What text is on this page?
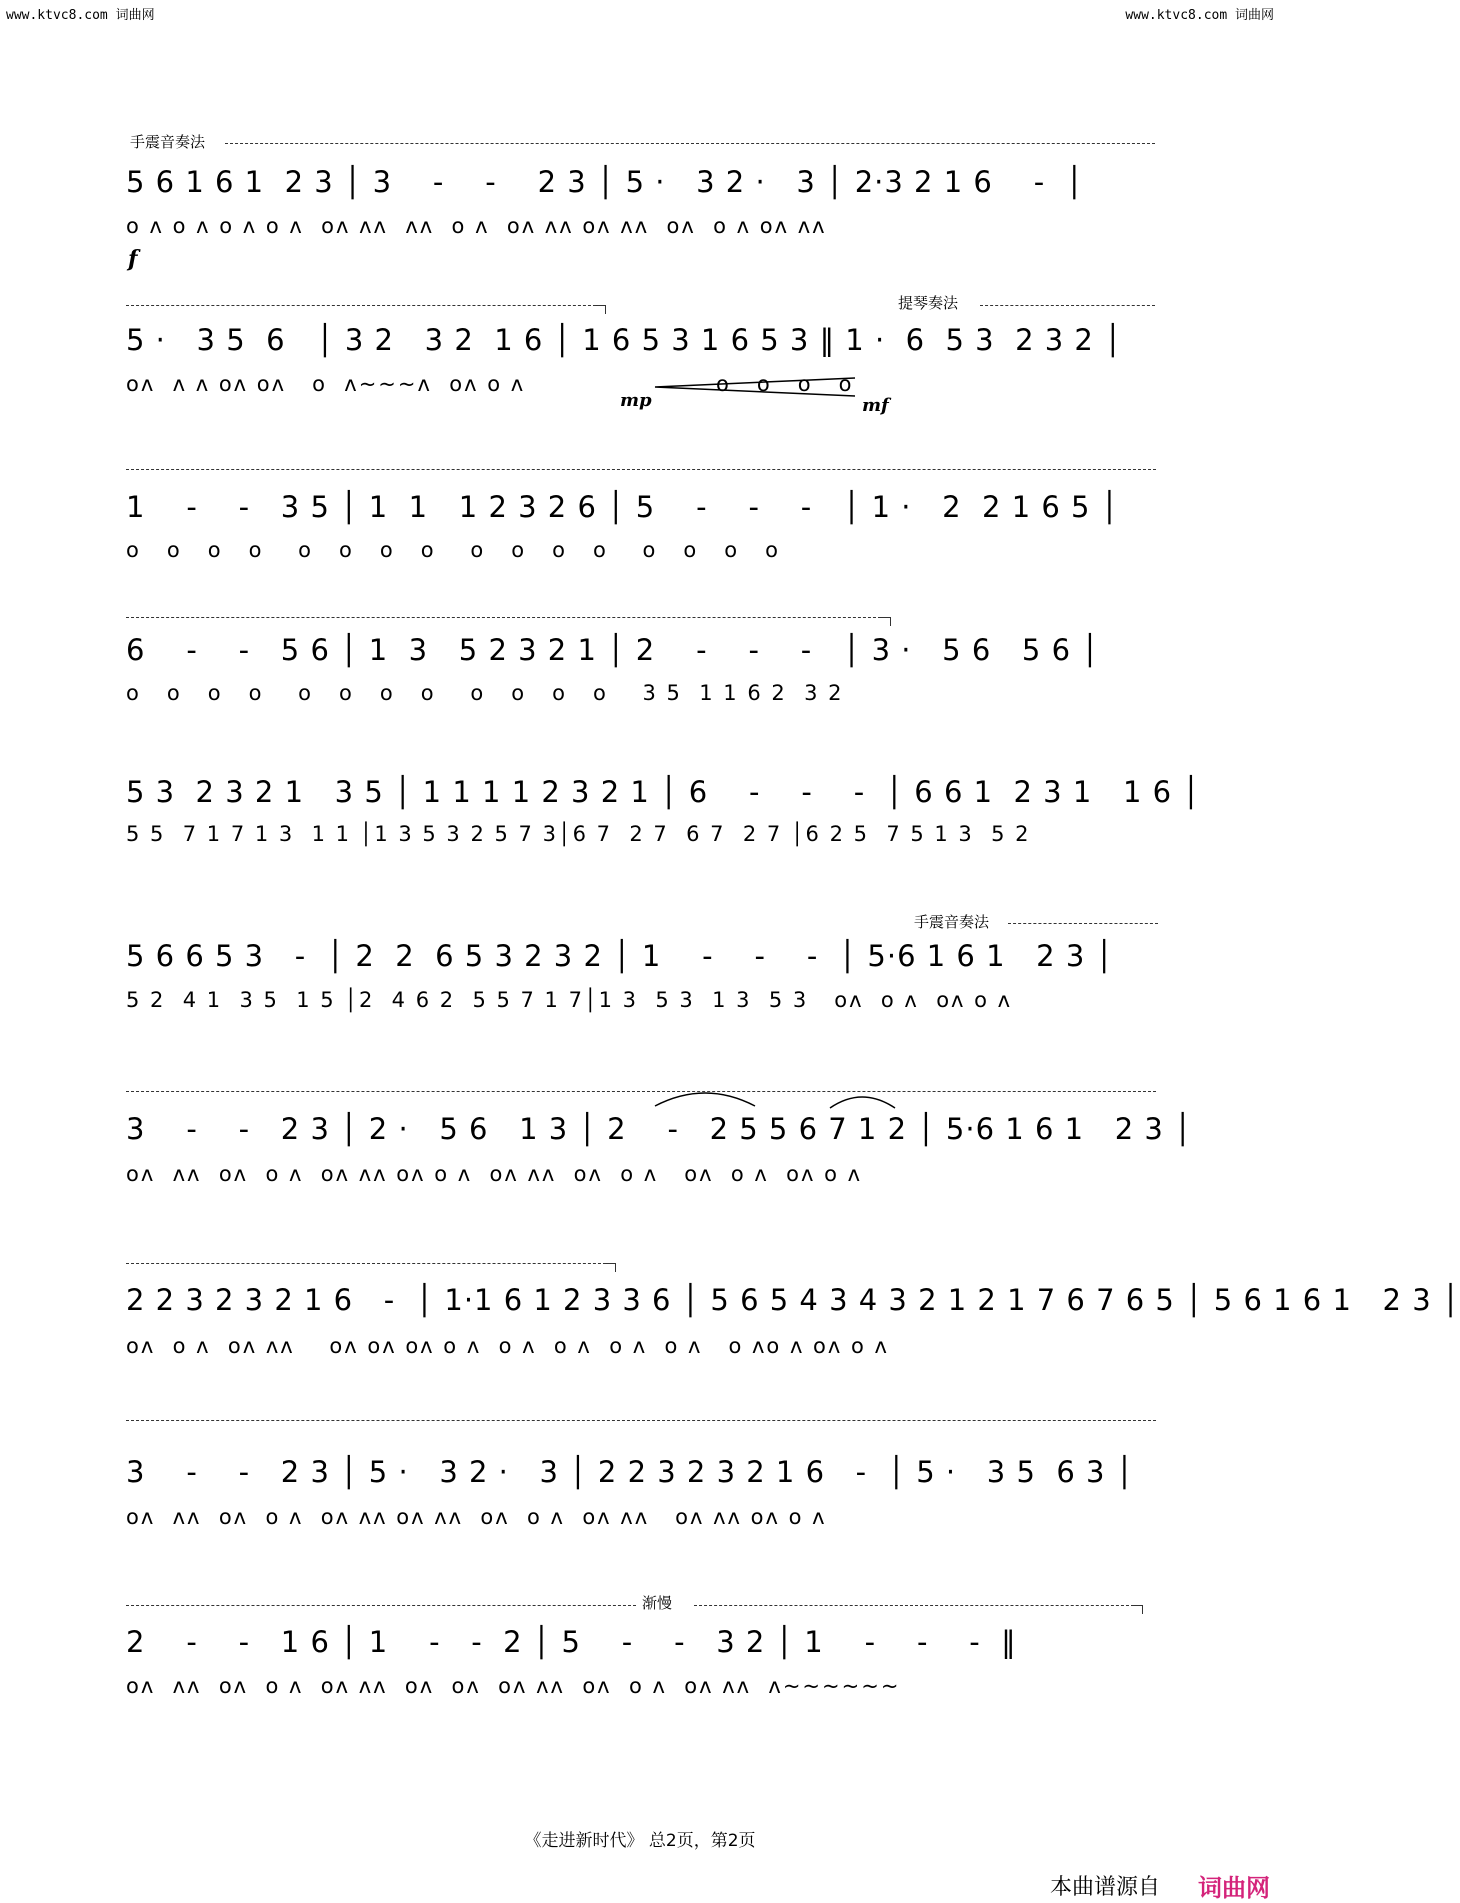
www.ktvc8.com 词曲网	www.ktvc8.com 词曲网
手震音奏法
5 6 1 6 1  2 3 │ 3    -    -    2 3 │ 5 ·   3 2 ·   3 │ 2·3 2 1 6    -  │
o ʌ o ʌ o ʌ o ʌ  oʌ ʌʌ  ʌʌ  o ʌ  oʌ ʌʌ oʌ ʌʌ  oʌ  o ʌ oʌ ʌʌ
f
提琴奏法
5 ·   3 5  6   │ 3 2   3 2  1 6 │ 1 6 5 3 1 6 5 3 ‖ 1 ·  6  5 3  2 3 2 │
oʌ  ʌ ʌ oʌ oʌ   o  ʌ~~~ʌ  oʌ o ʌ                      o   o   o   o
mp	mf
1    -    -   3 5 │ 1  1   1 2 3 2 6 │ 5    -    -    -   │ 1 ·   2  2 1 6 5 │
o   o   o   o    o   o   o   o    o   o   o   o    o   o   o   o
6    -    -   5 6 │ 1  3   5 2 3 2 1 │ 2    -    -    -   │ 3 ·   5 6   5 6 │
o   o   o   o    o   o   o   o    o   o   o   o    3 5  1 1 6 2  3 2
5 3  2 3 2 1   3 5 │ 1 1 1 1 2 3 2 1 │ 6    -    -    -  │ 6 6 1  2 3 1   1 6 │
5 5  7 1 7 1 3  1 1 │1 3 5 3 2 5 7 3│6 7  2 7  6 7  2 7 │6 2 5  7 5 1 3  5 2
手震音奏法
5 6 6 5 3   -  │ 2  2  6 5 3 2 3 2 │ 1    -    -    -  │ 5·6 1 6 1   2 3 │
5 2  4 1  3 5  1 5 │2  4 6 2  5 5 7 1 7│1 3  5 3  1 3  5 3   oʌ  o ʌ  oʌ o ʌ
3    -    -   2 3 │ 2 ·   5 6   1 3 │ 2    -   2 5 5 6 7 1 2 │ 5·6 1 6 1   2 3 │
oʌ  ʌʌ  oʌ  o ʌ  oʌ ʌʌ oʌ o ʌ  oʌ ʌʌ  oʌ  o ʌ   oʌ  o ʌ  oʌ o ʌ
2 2 3 2 3 2 1 6   -  │ 1·1 6 1 2 3 3 6 │ 5 6 5 4 3 4 3 2 1 2 1 7 6 7 6 5 │ 5 6 1 6 1   2 3 │
oʌ  o ʌ  oʌ ʌʌ    oʌ oʌ oʌ o ʌ  o ʌ  o ʌ  o ʌ  o ʌ   o ʌo ʌ oʌ o ʌ
3    -    -   2 3 │ 5 ·   3 2 ·   3 │ 2 2 3 2 3 2 1 6   -  │ 5 ·   3 5  6 3 │
oʌ  ʌʌ  oʌ  o ʌ  oʌ ʌʌ oʌ ʌʌ  oʌ  o ʌ  oʌ ʌʌ   oʌ ʌʌ oʌ o ʌ
渐慢
2    -    -   1 6 │ 1    -   -  2 │ 5    -    -   3 2 │ 1    -    -    -  ‖
oʌ  ʌʌ  oʌ  o ʌ  oʌ ʌʌ  oʌ  oʌ  oʌ ʌʌ  oʌ  o ʌ  oʌ ʌʌ  ʌ~~~~~~
《走进新时代》 总2页，第2页
本曲谱源自 词曲网
